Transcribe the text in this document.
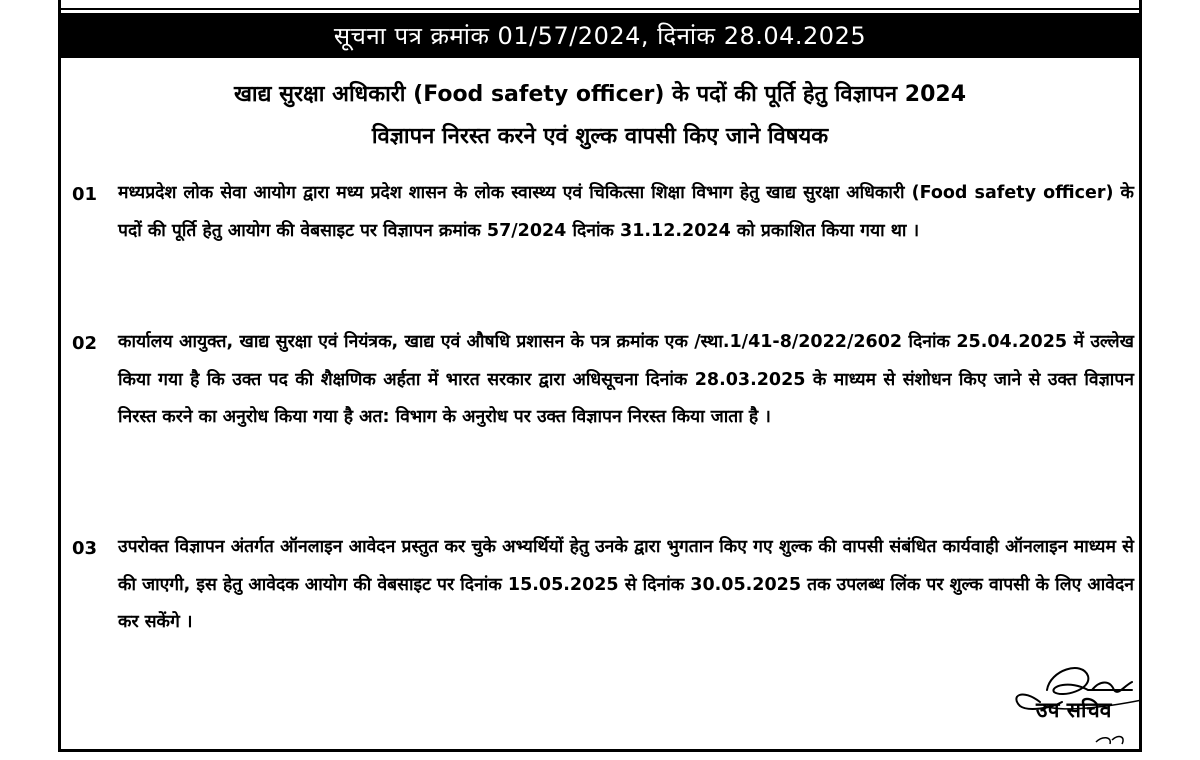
सूचना पत्र क्रमांक 01/57/2024, दिनांक 28.04.2025
खाद्य सुरक्षा अधिकारी (Food safety officer) के पदों की पूर्ति हेतु विज्ञापन 2024
विज्ञापन निरस्त करने एवं शुल्क वापसी किए जाने विषयक
01	मध्यप्रदेश लोक सेवा आयोग द्वारा मध्य प्रदेश शासन के लोक स्वास्थ्य एवं चिकित्सा शिक्षा विभाग हेतु खाद्य सुरक्षा अधिकारी (Food safety officer) के पदों की पूर्ति हेतु आयोग की वेबसाइट पर विज्ञापन क्रमांक 57/2024 दिनांक 31.12.2024 को प्रकाशित किया गया था ।
02	कार्यालय आयुक्त, खाद्य सुरक्षा एवं नियंत्रक, खाद्य एवं औषधि प्रशासन के पत्र क्रमांक एक /स्था.1/41-8/2022/2602 दिनांक 25.04.2025 में उल्लेख किया गया है कि उक्त पद की शैक्षणिक अर्हता में भारत सरकार द्वारा अधिसूचना दिनांक 28.03.2025 के माध्यम से संशोधन किए जाने से उक्त विज्ञापन निरस्त करने का अनुरोध किया गया है अत: विभाग के अनुरोध पर उक्त विज्ञापन निरस्त किया जाता है ।
03	उपरोक्त विज्ञापन अंतर्गत ऑनलाइन आवेदन प्रस्तुत कर चुके अभ्यर्थियों हेतु उनके द्वारा भुगतान किए गए शुल्क की वापसी संबंधित कार्यवाही ऑनलाइन माध्यम से की जाएगी, इस हेतु आवेदक आयोग की वेबसाइट पर दिनांक 15.05.2025 से दिनांक 30.05.2025 तक उपलब्ध लिंक पर शुल्क वापसी के लिए आवेदन कर सकेंगे ।
उप सचिव
